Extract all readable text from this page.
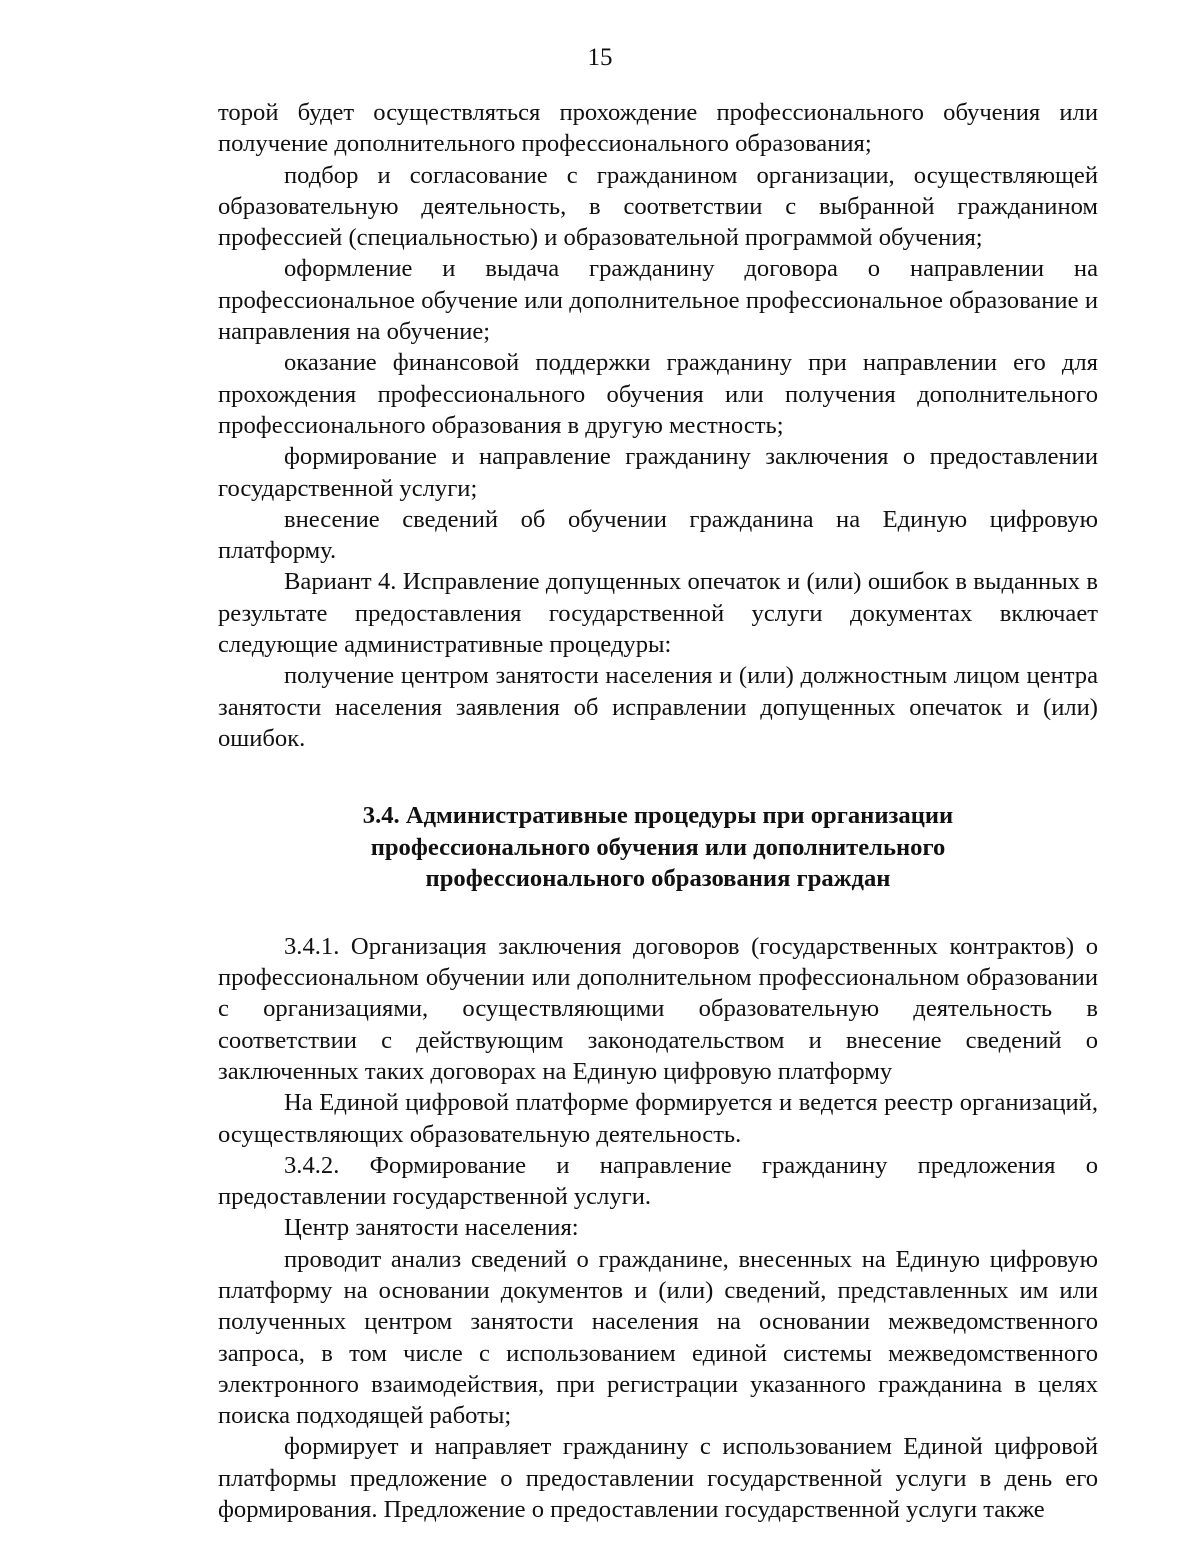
15

торой будет осуществляться прохождение профессионального обучения или получение дополнительного профессионального образования;

подбор и согласование с гражданином организации, осуществляющей образовательную деятельность, в соответствии с выбранной гражданином профессией (специальностью) и образовательной программой обучения;

оформление и выдача гражданину договора о направлении на профессиональное обучение или дополнительное профессиональное образование и направления на обучение;

оказание финансовой поддержки гражданину при направлении его для прохождения профессионального обучения или получения дополнительного профессионального образования в другую местность;

формирование и направление гражданину заключения о предоставлении государственной услуги;

внесение сведений об обучении гражданина на Единую цифровую платформу.

Вариант 4. Исправление допущенных опечаток и (или) ошибок в выданных в результате предоставления государственной услуги документах включает следующие административные процедуры:

получение центром занятости населения и (или) должностным лицом центра занятости населения заявления об исправлении допущенных опечаток и (или) ошибок.

3.4. Административные процедуры при организации
профессионального обучения или дополнительного
профессионального образования граждан

3.4.1. Организация заключения договоров (государственных контрактов) о профессиональном обучении или дополнительном профессиональном образовании с организациями, осуществляющими образовательную деятельность в соответствии с действующим законодательством и внесение сведений о заключенных таких договорах на Единую цифровую платформу

На Единой цифровой платформе формируется и ведется реестр организаций, осуществляющих образовательную деятельность.

3.4.2. Формирование и направление гражданину предложения о предоставлении государственной услуги.

Центр занятости населения:

проводит анализ сведений о гражданине, внесенных на Единую цифровую платформу на основании документов и (или) сведений, представленных им или полученных центром занятости населения на основании межведомственного запроса, в том числе с использованием единой системы межведомственного электронного взаимодействия, при регистрации указанного гражданина в целях поиска подходящей работы;

формирует и направляет гражданину с использованием Единой цифровой платформы предложение о предоставлении государственной услуги в день его формирования. Предложение о предоставлении государственной услуги также
